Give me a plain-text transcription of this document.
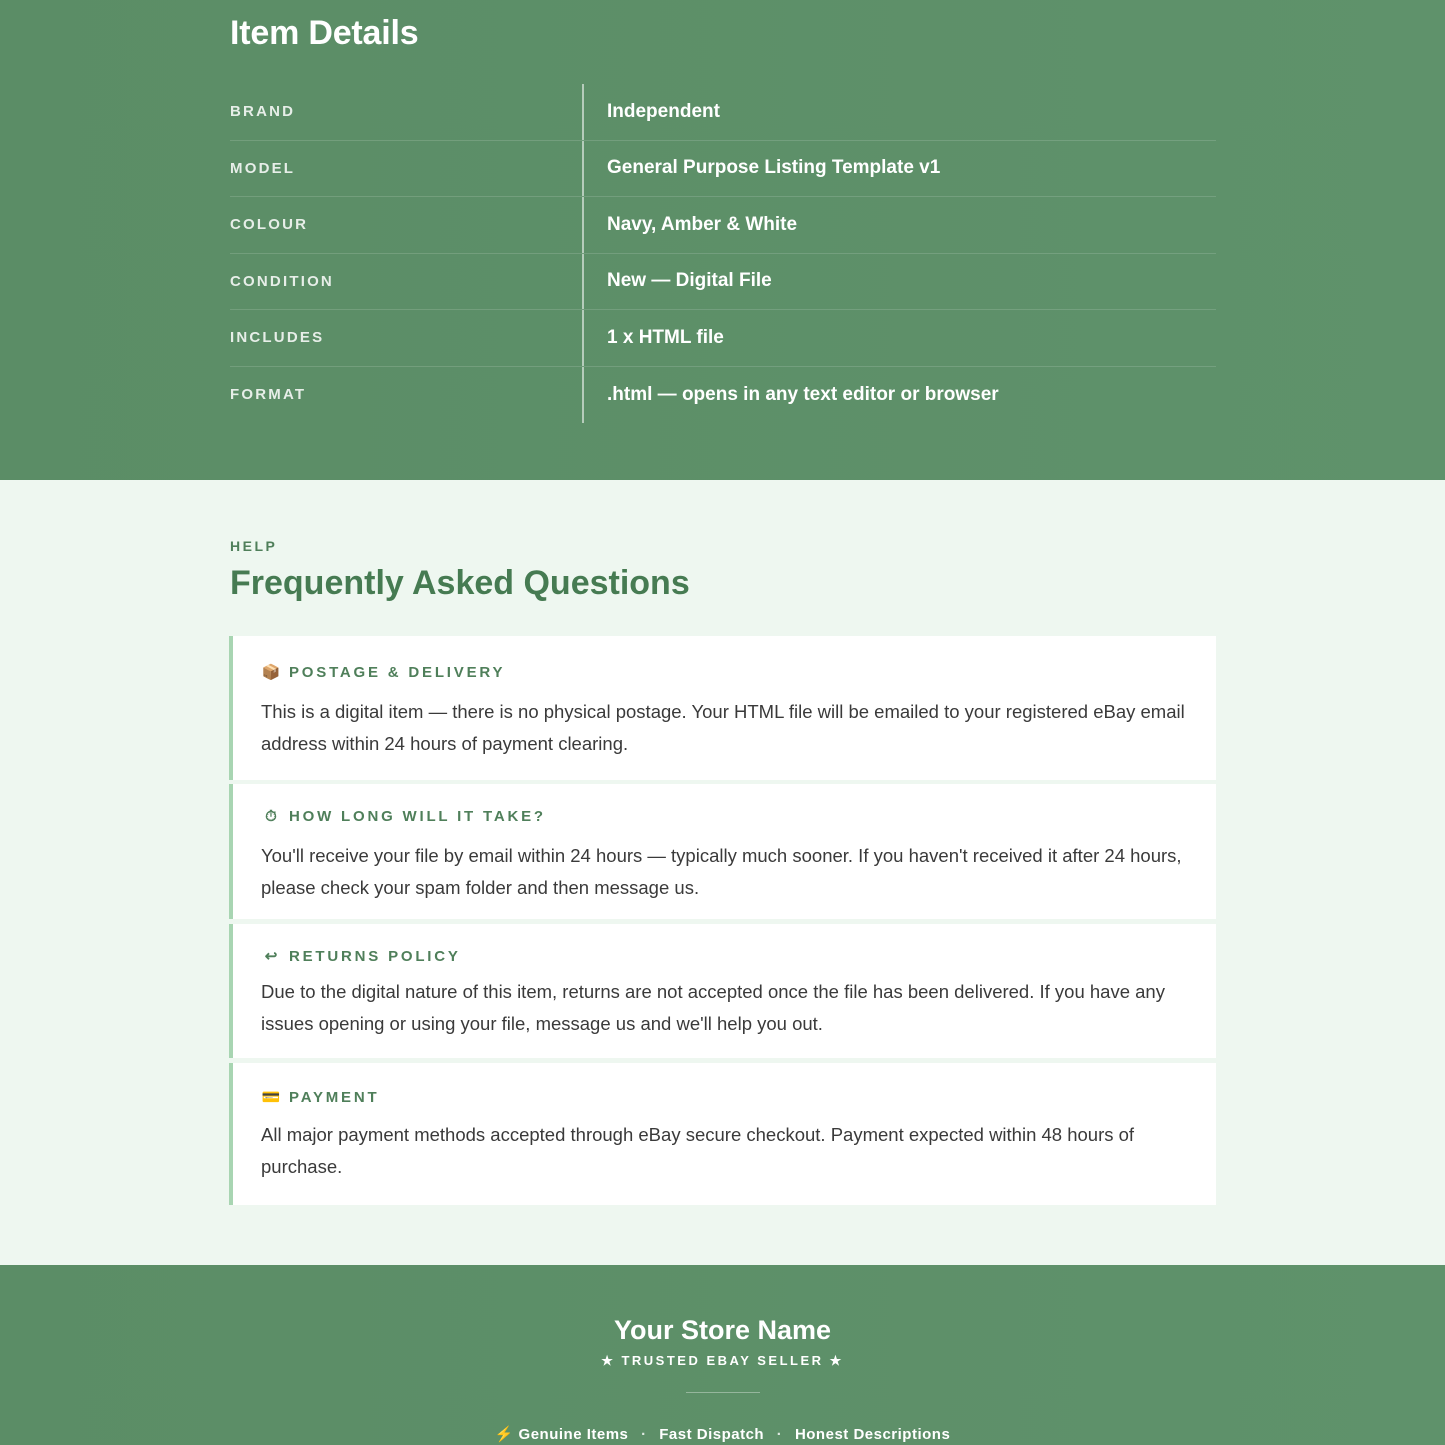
Item Details
BRAND	Independent
MODEL	General Purpose Listing Template v1
COLOUR	Navy, Amber & White
CONDITION	New — Digital File
INCLUDES	1 x HTML file
FORMAT	.html — opens in any text editor or browser
HELP
Frequently Asked Questions
📦 POSTAGE & DELIVERY

This is a digital item — there is no physical postage. Your HTML file will be emailed to your registered eBay email address within 24 hours of payment clearing.

⏱ HOW LONG WILL IT TAKE?

You'll receive your file by email within 24 hours — typically much sooner. If you haven't received it after 24 hours, please check your spam folder and then message us.

↩ RETURNS POLICY

Due to the digital nature of this item, returns are not accepted once the file has been delivered. If you have any issues opening or using your file, message us and we'll help you out.

💳 PAYMENT

All major payment methods accepted through eBay secure checkout. Payment expected within 48 hours of purchase.

Your Store Name
★ TRUSTED EBAY SELLER ★
⚡ Genuine Items · Fast Dispatch · Honest Descriptions
